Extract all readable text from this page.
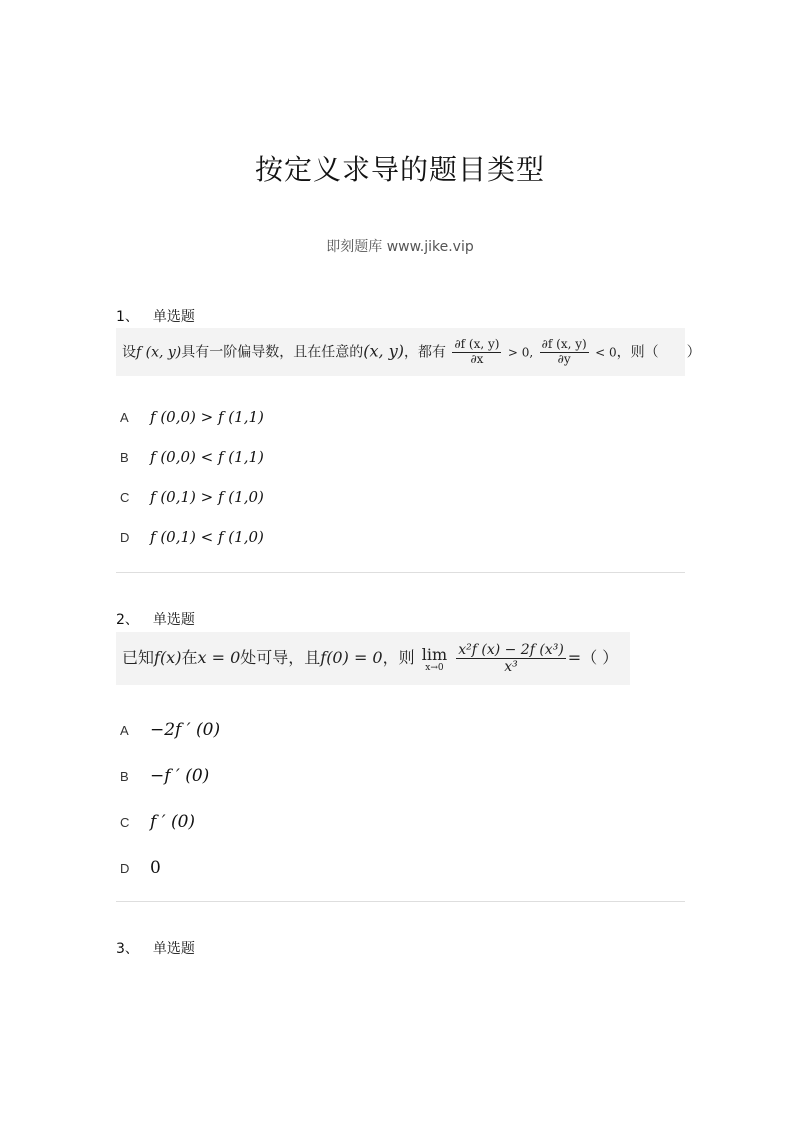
按定义求导的题目类型
即刻题库 www.jike.vip
1、 单选题
设f (x, y)具有一阶偏导数，且在任意的(x, y)，都有 $\frac{\partial f (x, y)}{\partial x} > 0$, $\frac{\partial f (x, y)}{\partial y} < 0$，则（　　）
A	f (0,0) > f (1,1)
B	f (0,0) < f (1,1)
C	f (0,1) > f (1,0)
D	f (0,1) < f (1,0)
2、 单选题
已知f(x)在x = 0处可导，且f(0) = 0，则 lim
x→0
$\frac{\text{x²f (x) − 2f (x³)}}{\text{x³}}$ =（ ）
A	−2f ′ (0)
B	−f ′ (0)
C	f ′ (0)
D	0
3、 单选题
